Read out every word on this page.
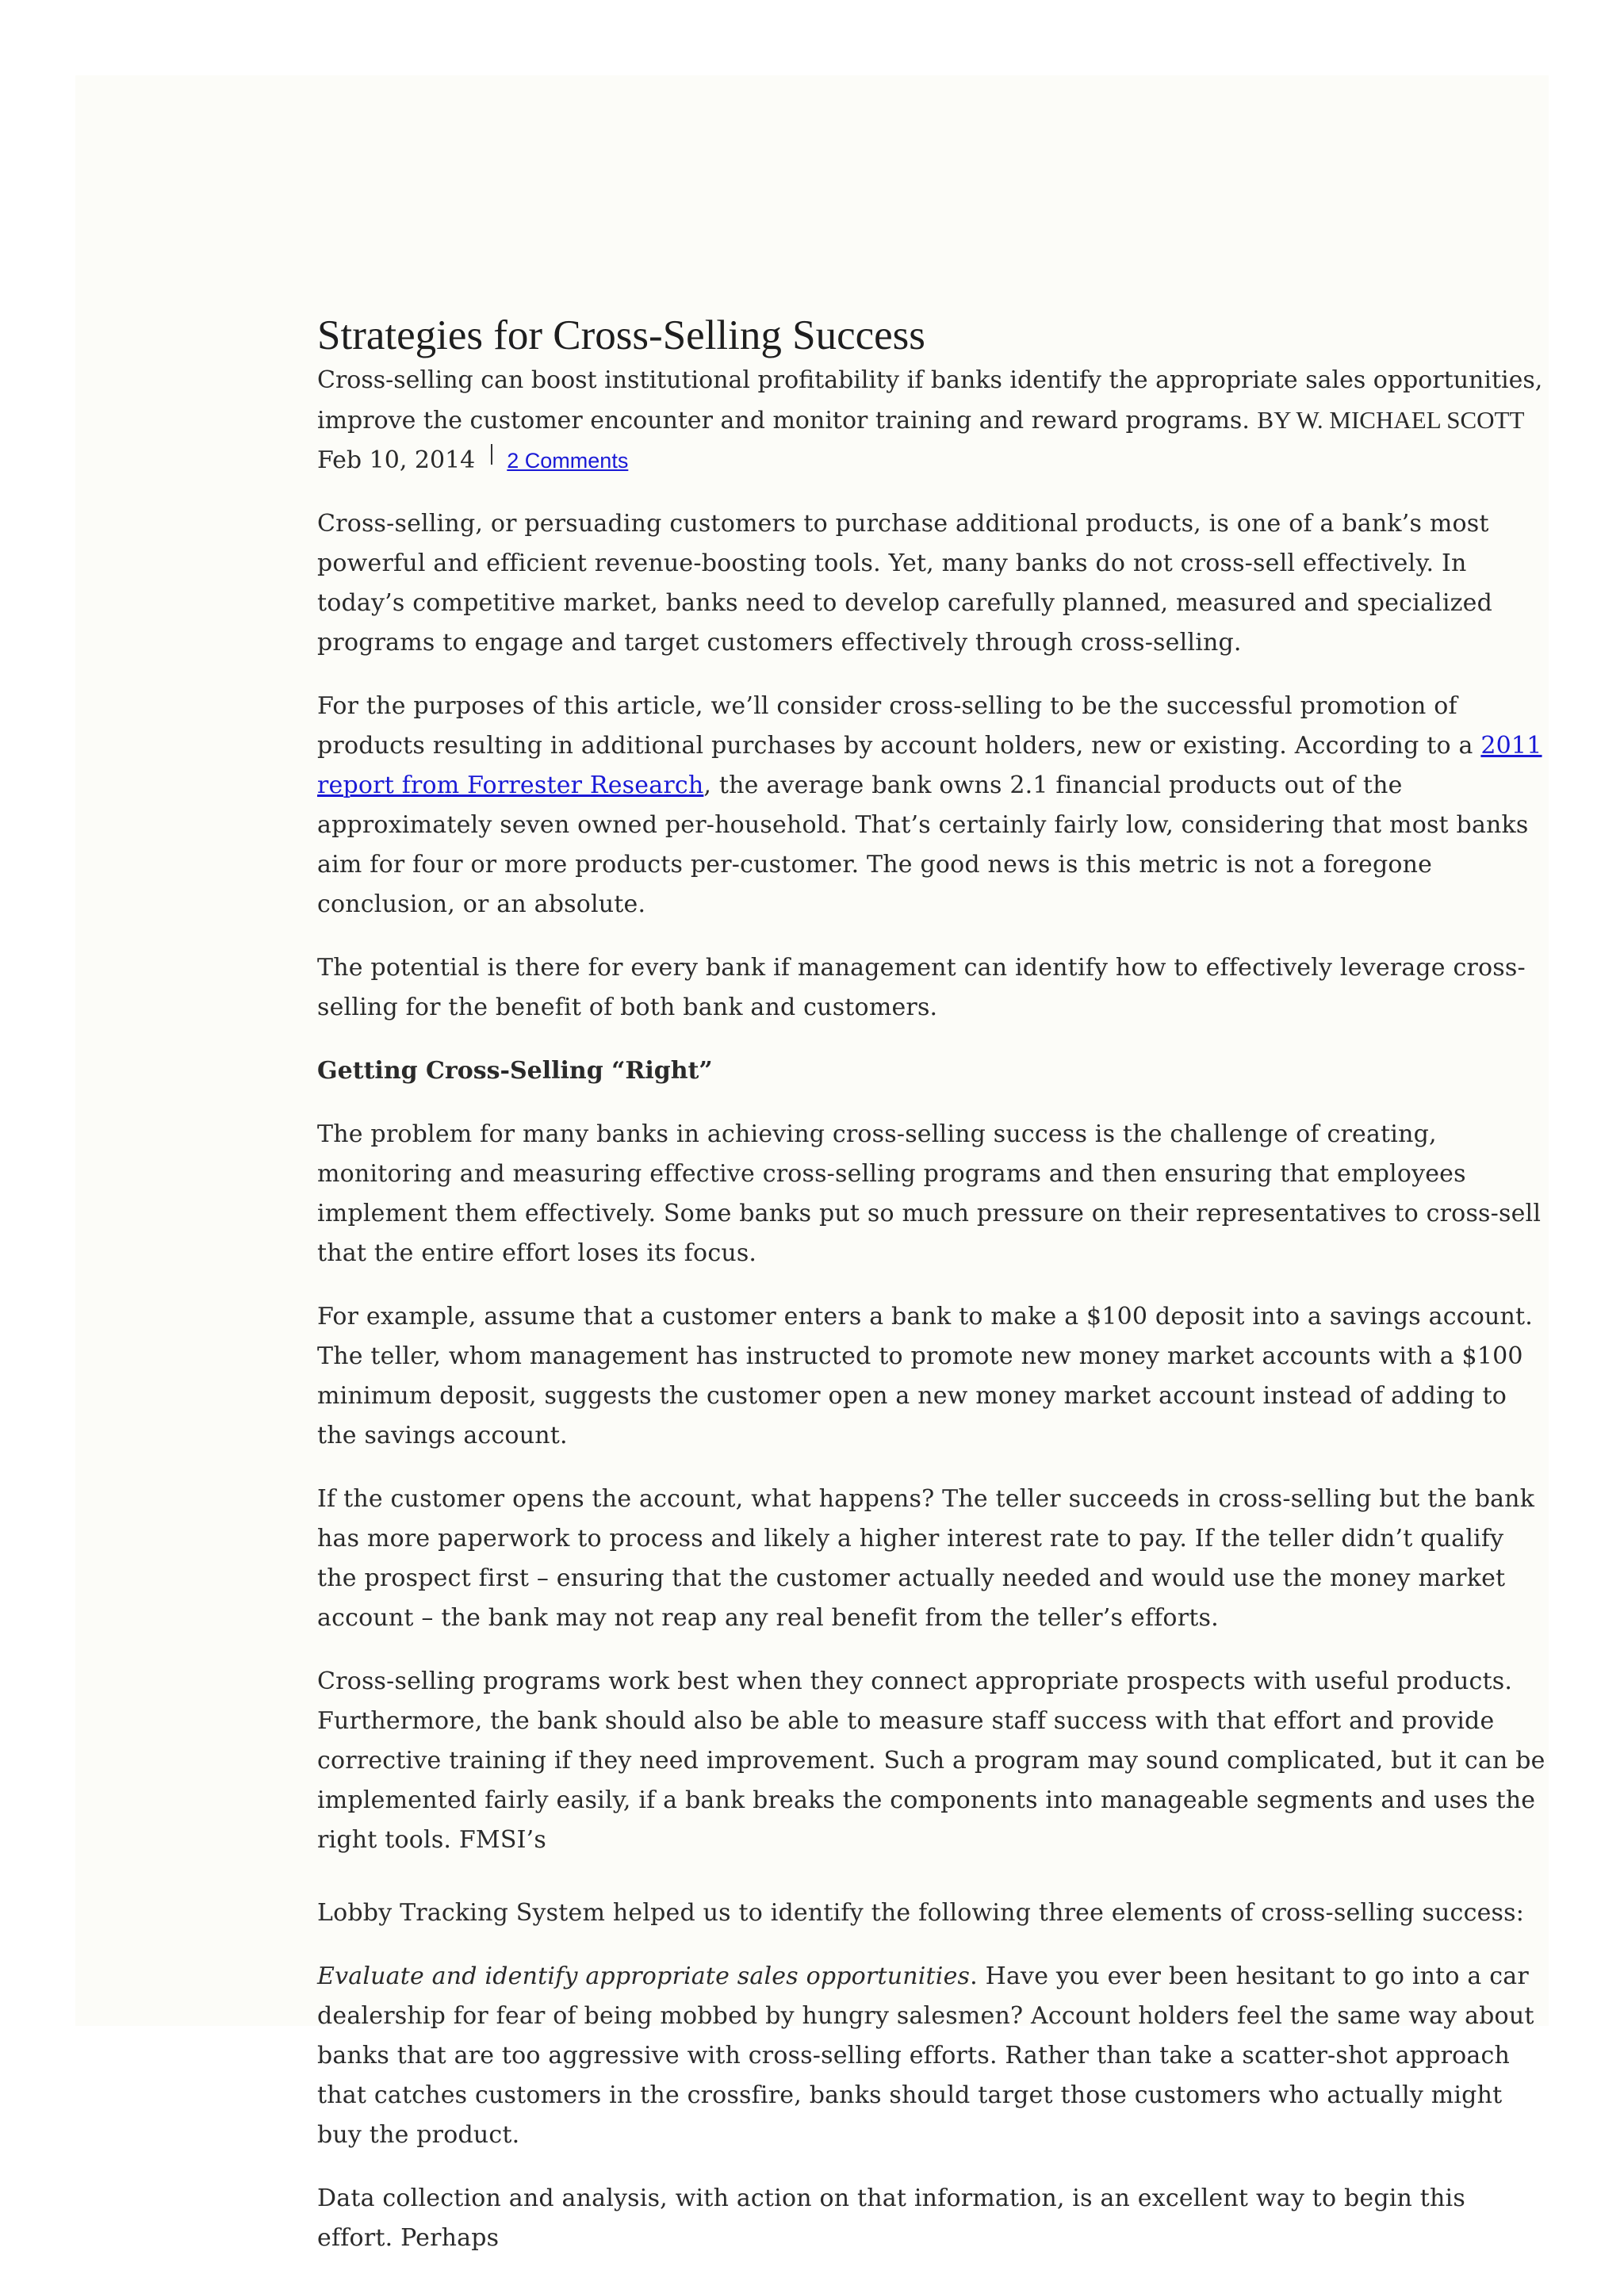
Strategies for Cross-Selling Success

Cross-selling can boost institutional profitability if banks identify the appropriate sales opportunities, improve the customer encounter and monitor training and reward programs. BY W. MICHAEL SCOTT

Feb 10, 2014 2 Comments

Cross-selling, or persuading customers to purchase additional products, is one of a bank’s most powerful and efficient revenue-boosting tools. Yet, many banks do not cross-sell effectively. In today’s competitive market, banks need to develop carefully planned, measured and specialized programs to engage and target customers effectively through cross-selling.

For the purposes of this article, we’ll consider cross-selling to be the successful promotion of products resulting in additional purchases by account holders, new or existing. According to a 2011 report from Forrester Research, the average bank owns 2.1 financial products out of the approximately seven owned per-household. That’s certainly fairly low, considering that most banks aim for four or more products per-customer. The good news is this metric is not a foregone conclusion, or an absolute.

The potential is there for every bank if management can identify how to effectively leverage cross-selling for the benefit of both bank and customers.

Getting Cross-Selling “Right”

The problem for many banks in achieving cross-selling success is the challenge of creating, monitoring and measuring effective cross-selling programs and then ensuring that employees implement them effectively. Some banks put so much pressure on their representatives to cross-sell that the entire effort loses its focus.

For example, assume that a customer enters a bank to make a $100 deposit into a savings account. The teller, whom management has instructed to promote new money market accounts with a $100 minimum deposit, suggests the customer open a new money market account instead of adding to the savings account.

If the customer opens the account, what happens? The teller succeeds in cross-selling but the bank has more paperwork to process and likely a higher interest rate to pay. If the teller didn’t qualify the prospect first – ensuring that the customer actually needed and would use the money market account – the bank may not reap any real benefit from the teller’s efforts.

Cross-selling programs work best when they connect appropriate prospects with useful products. Furthermore, the bank should also be able to measure staff success with that effort and provide corrective training if they need improvement. Such a program may sound complicated, but it can be implemented fairly easily, if a bank breaks the components into manageable segments and uses the right tools. FMSI’s

Lobby Tracking System helped us to identify the following three elements of cross-selling success:

Evaluate and identify appropriate sales opportunities. Have you ever been hesitant to go into a car dealership for fear of being mobbed by hungry salesmen? Account holders feel the same way about banks that are too aggressive with cross-selling efforts. Rather than take a scatter-shot approach that catches customers in the crossfire, banks should target those customers who actually might buy the product.

Data collection and analysis, with action on that information, is an excellent way to begin this effort. Perhaps
